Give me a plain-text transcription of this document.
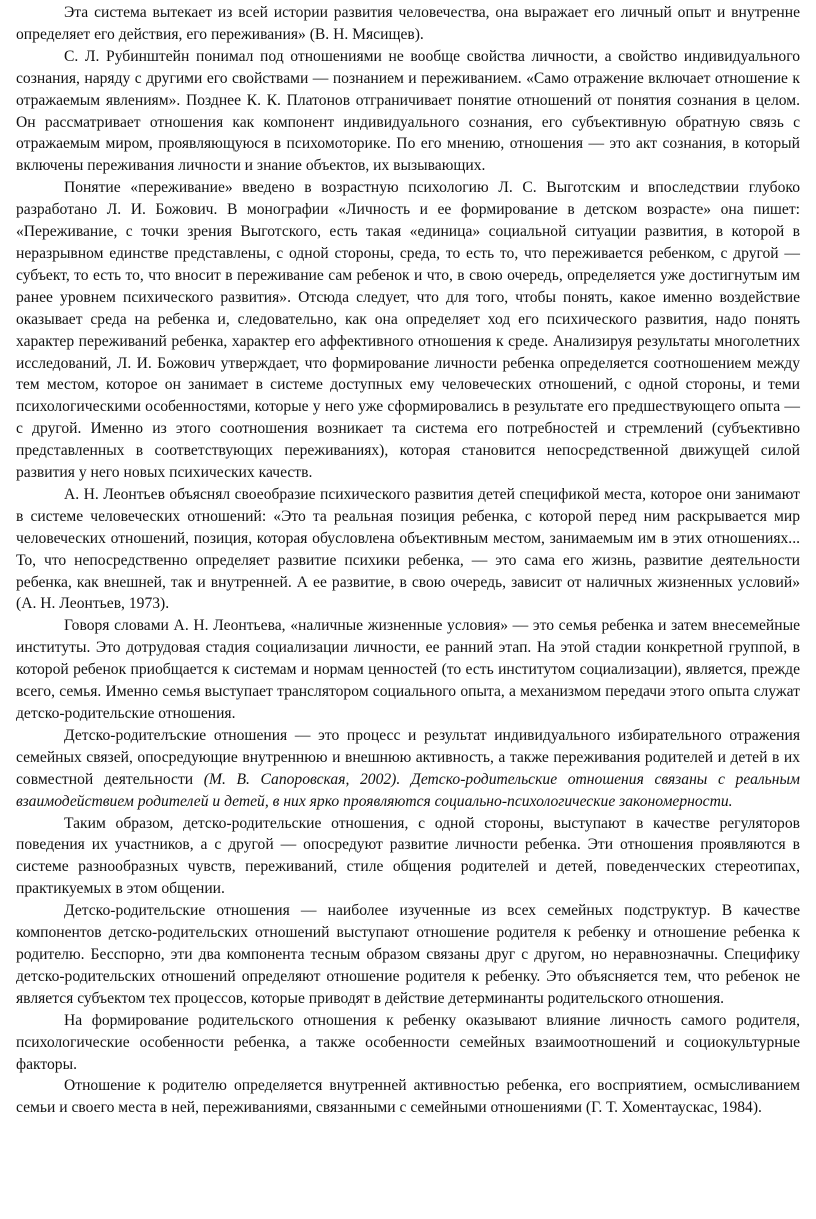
Эта система вытекает из всей истории развития человечества, она выражает его личный опыт и внутренне определяет его действия, его переживания» (В. Н. Мясищев).

С. Л. Рубинштейн понимал под отношениями не вообще свойства личности, а свойство индивидуального сознания, наряду с другими его свойствами — познанием и переживанием. «Само отражение включает отношение к отражаемым явлениям». Позднее К. К. Платонов отграничивает понятие отношений от понятия сознания в целом. Он рассматривает отношения как компонент индивидуального сознания, его субъективную обратную связь с отражаемым миром, проявляющуюся в психомоторике. По его мнению, отношения — это акт сознания, в который включены переживания личности и знание объектов, их вызывающих.

Понятие «переживание» введено в возрастную психологию Л. С. Выготским и впоследствии глубоко разработано Л. И. Божович. В монографии «Личность и ее формирование в детском возрасте» она пишет: «Переживание, с точки зрения Выготского, есть такая «единица» социальной ситуации развития, в которой в неразрывном единстве представлены, с одной стороны, среда, то есть то, что переживается ребенком, с другой — субъект, то есть то, что вносит в переживание сам ребенок и что, в свою очередь, определяется уже достигнутым им ранее уровнем психического развития». Отсюда следует, что для того, чтобы понять, какое именно воздействие оказывает среда на ребенка и, следовательно, как она определяет ход его психического развития, надо понять характер переживаний ребенка, характер его аффективного отношения к среде. Анализируя результаты многолетних исследований, Л. И. Божович утверждает, что формирование личности ребенка определяется соотношением между тем местом, которое он занимает в системе доступных ему человеческих отношений, с одной стороны, и теми психологическими особенностями, которые у него уже сформировались в результате его предшествующего опыта — с другой. Именно из этого соотношения возникает та система его потребностей и стремлений (субъективно представленных в соответствующих переживаниях), которая становится непосредственной движущей силой развития у него новых психических качеств.

А. Н. Леонтьев объяснял своеобразие психического развития детей спецификой места, которое они занимают в системе человеческих отношений: «Это та реальная позиция ребенка, с которой перед ним раскрывается мир человеческих отношений, позиция, которая обусловлена объективным местом, занимаемым им в этих отношениях... То, что непосредственно определяет развитие психики ребенка, — это сама его жизнь, развитие деятельности ребенка, как внешней, так и внутренней. А ее развитие, в свою очередь, зависит от наличных жизненных условий» (А. Н. Леонтьев, 1973).

Говоря словами А. Н. Леонтьева, «наличные жизненные условия» — это семья ребенка и затем внесемейные институты. Это дотрудовая стадия социализации личности, ее ранний этап. На этой стадии конкретной группой, в которой ребенок приобщается к системам и нормам ценностей (то есть институтом социализации), является, прежде всего, семья. Именно семья выступает транслятором социального опыта, а механизмом передачи этого опыта служат детско-родительские отношения.

Детско-родителъские отношения — это процесс и результат индивидуального избирательного отражения семейных связей, опосредующие внутреннюю и внешнюю активность, а также переживания родителей и детей в их совместной деятельности (М. В. Сапоровская, 2002). Детско-родительские отношения связаны с реальным взаимодействием родителей и детей, в них ярко проявляются социально-психологические закономерности.

Таким образом, детско-родительские отношения, с одной стороны, выступают в качестве регуляторов поведения их участников, а с другой — опосредуют развитие личности ребенка. Эти отношения проявляются в системе разнообразных чувств, переживаний, стиле общения родителей и детей, поведенческих стереотипах, практикуемых в этом общении.

Детско-родительские отношения — наиболее изученные из всех семейных подструктур. В качестве компонентов детско-родительских отношений выступают отношение родителя к ребенку и отношение ребенка к родителю. Бесспорно, эти два компонента тесным образом связаны друг с другом, но неравнозначны. Специфику детско-родительских отношений определяют отношение родителя к ребенку. Это объясняется тем, что ребенок не является субъектом тех процессов, которые приводят в действие детерминанты родительского отношения.

На формирование родительского отношения к ребенку оказывают влияние личность самого родителя, психологические особенности ребенка, а также особенности семейных взаимоотношений и социокультурные факторы.

Отношение к родителю определяется внутренней активностью ребенка, его восприятием, осмысливанием семьи и своего места в ней, переживаниями, связанными с семейными отношениями (Г. Т. Хоментаускас, 1984).
